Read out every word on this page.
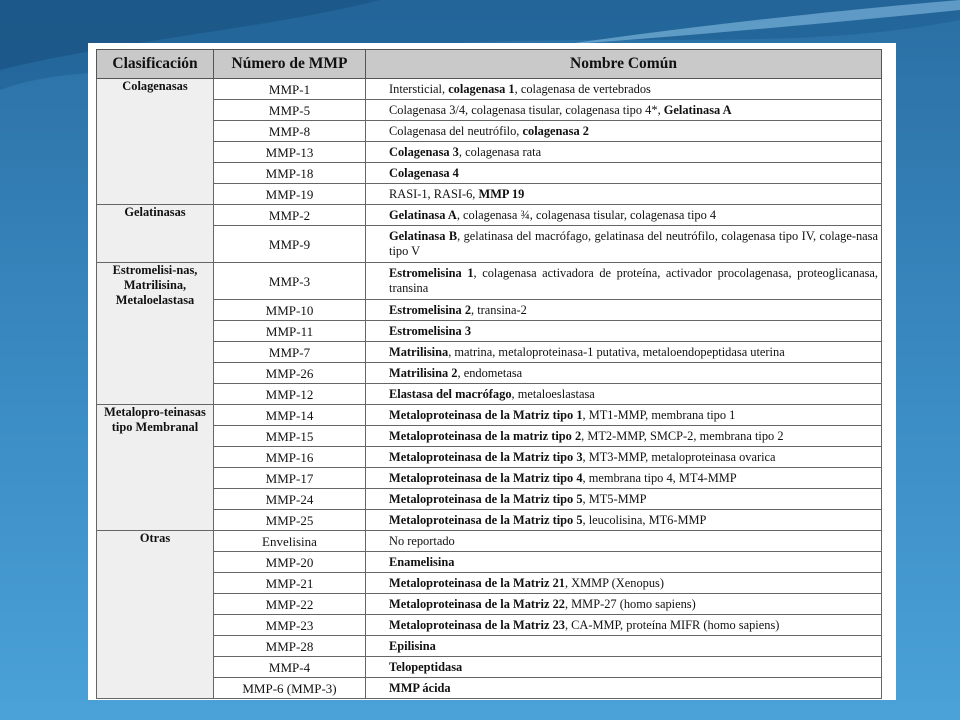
Clasificación	Número de MMP	Nombre Común
Colagenasas	MMP-1	Intersticial, colagenasa 1, colagenasa de vertebrados
	MMP-5	Colagenasa 3/4, colagenasa tisular, colagenasa tipo 4*, Gelatinasa A
	MMP-8	Colagenasa del neutrófilo, colagenasa 2
	MMP-13	Colagenasa 3, colagenasa rata
	MMP-18	Colagenasa 4
	MMP-19	RASI-1, RASI-6, MMP 19
Gelatinasas	MMP-2	Gelatinasa A, colagenasa ¾, colagenasa tisular, colagenasa tipo 4
	MMP-9	Gelatinasa B, gelatinasa del macrófago, gelatinasa del neutrófilo, colagenasa tipo IV, colage-nasa tipo V
Estromelisi-nas, Matrilisina, Metaloelastasa	MMP-3	Estromelisina 1, colagenasa activadora de proteína, activador procolagenasa, proteoglicanasa, transina
	MMP-10	Estromelisina 2, transina-2
	MMP-11	Estromelisina 3
	MMP-7	Matrilisina, matrina, metaloproteinasa-1 putativa, metaloendopeptidasa uterina
	MMP-26	Matrilisina 2, endometasa
	MMP-12	Elastasa del macrófago, metaloeslastasa
Metalopro-teinasas tipo Membranal	MMP-14	Metaloproteinasa de la Matriz tipo 1, MT1-MMP, membrana tipo 1
	MMP-15	Metaloproteinasa de la matriz tipo 2, MT2-MMP, SMCP-2, membrana tipo 2
	MMP-16	Metaloproteinasa de la Matriz tipo 3, MT3-MMP, metaloproteinasa ovarica
	MMP-17	Metaloproteinasa de la Matriz tipo 4, membrana tipo 4, MT4-MMP
	MMP-24	Metaloproteinasa de la Matriz tipo 5, MT5-MMP
	MMP-25	Metaloproteinasa de la Matriz tipo 5, leucolisina, MT6-MMP
Otras	Envelisina	No reportado
	MMP-20	Enamelisina
	MMP-21	Metaloproteinasa de la Matriz 21, XMMP (Xenopus)
	MMP-22	Metaloproteinasa de la Matriz 22, MMP-27 (homo sapiens)
	MMP-23	Metaloproteinasa de la Matriz 23, CA-MMP, proteína MIFR (homo sapiens)
	MMP-28	Epilisina
	MMP-4	Telopeptidasa
	MMP-6 (MMP-3)	MMP ácida
